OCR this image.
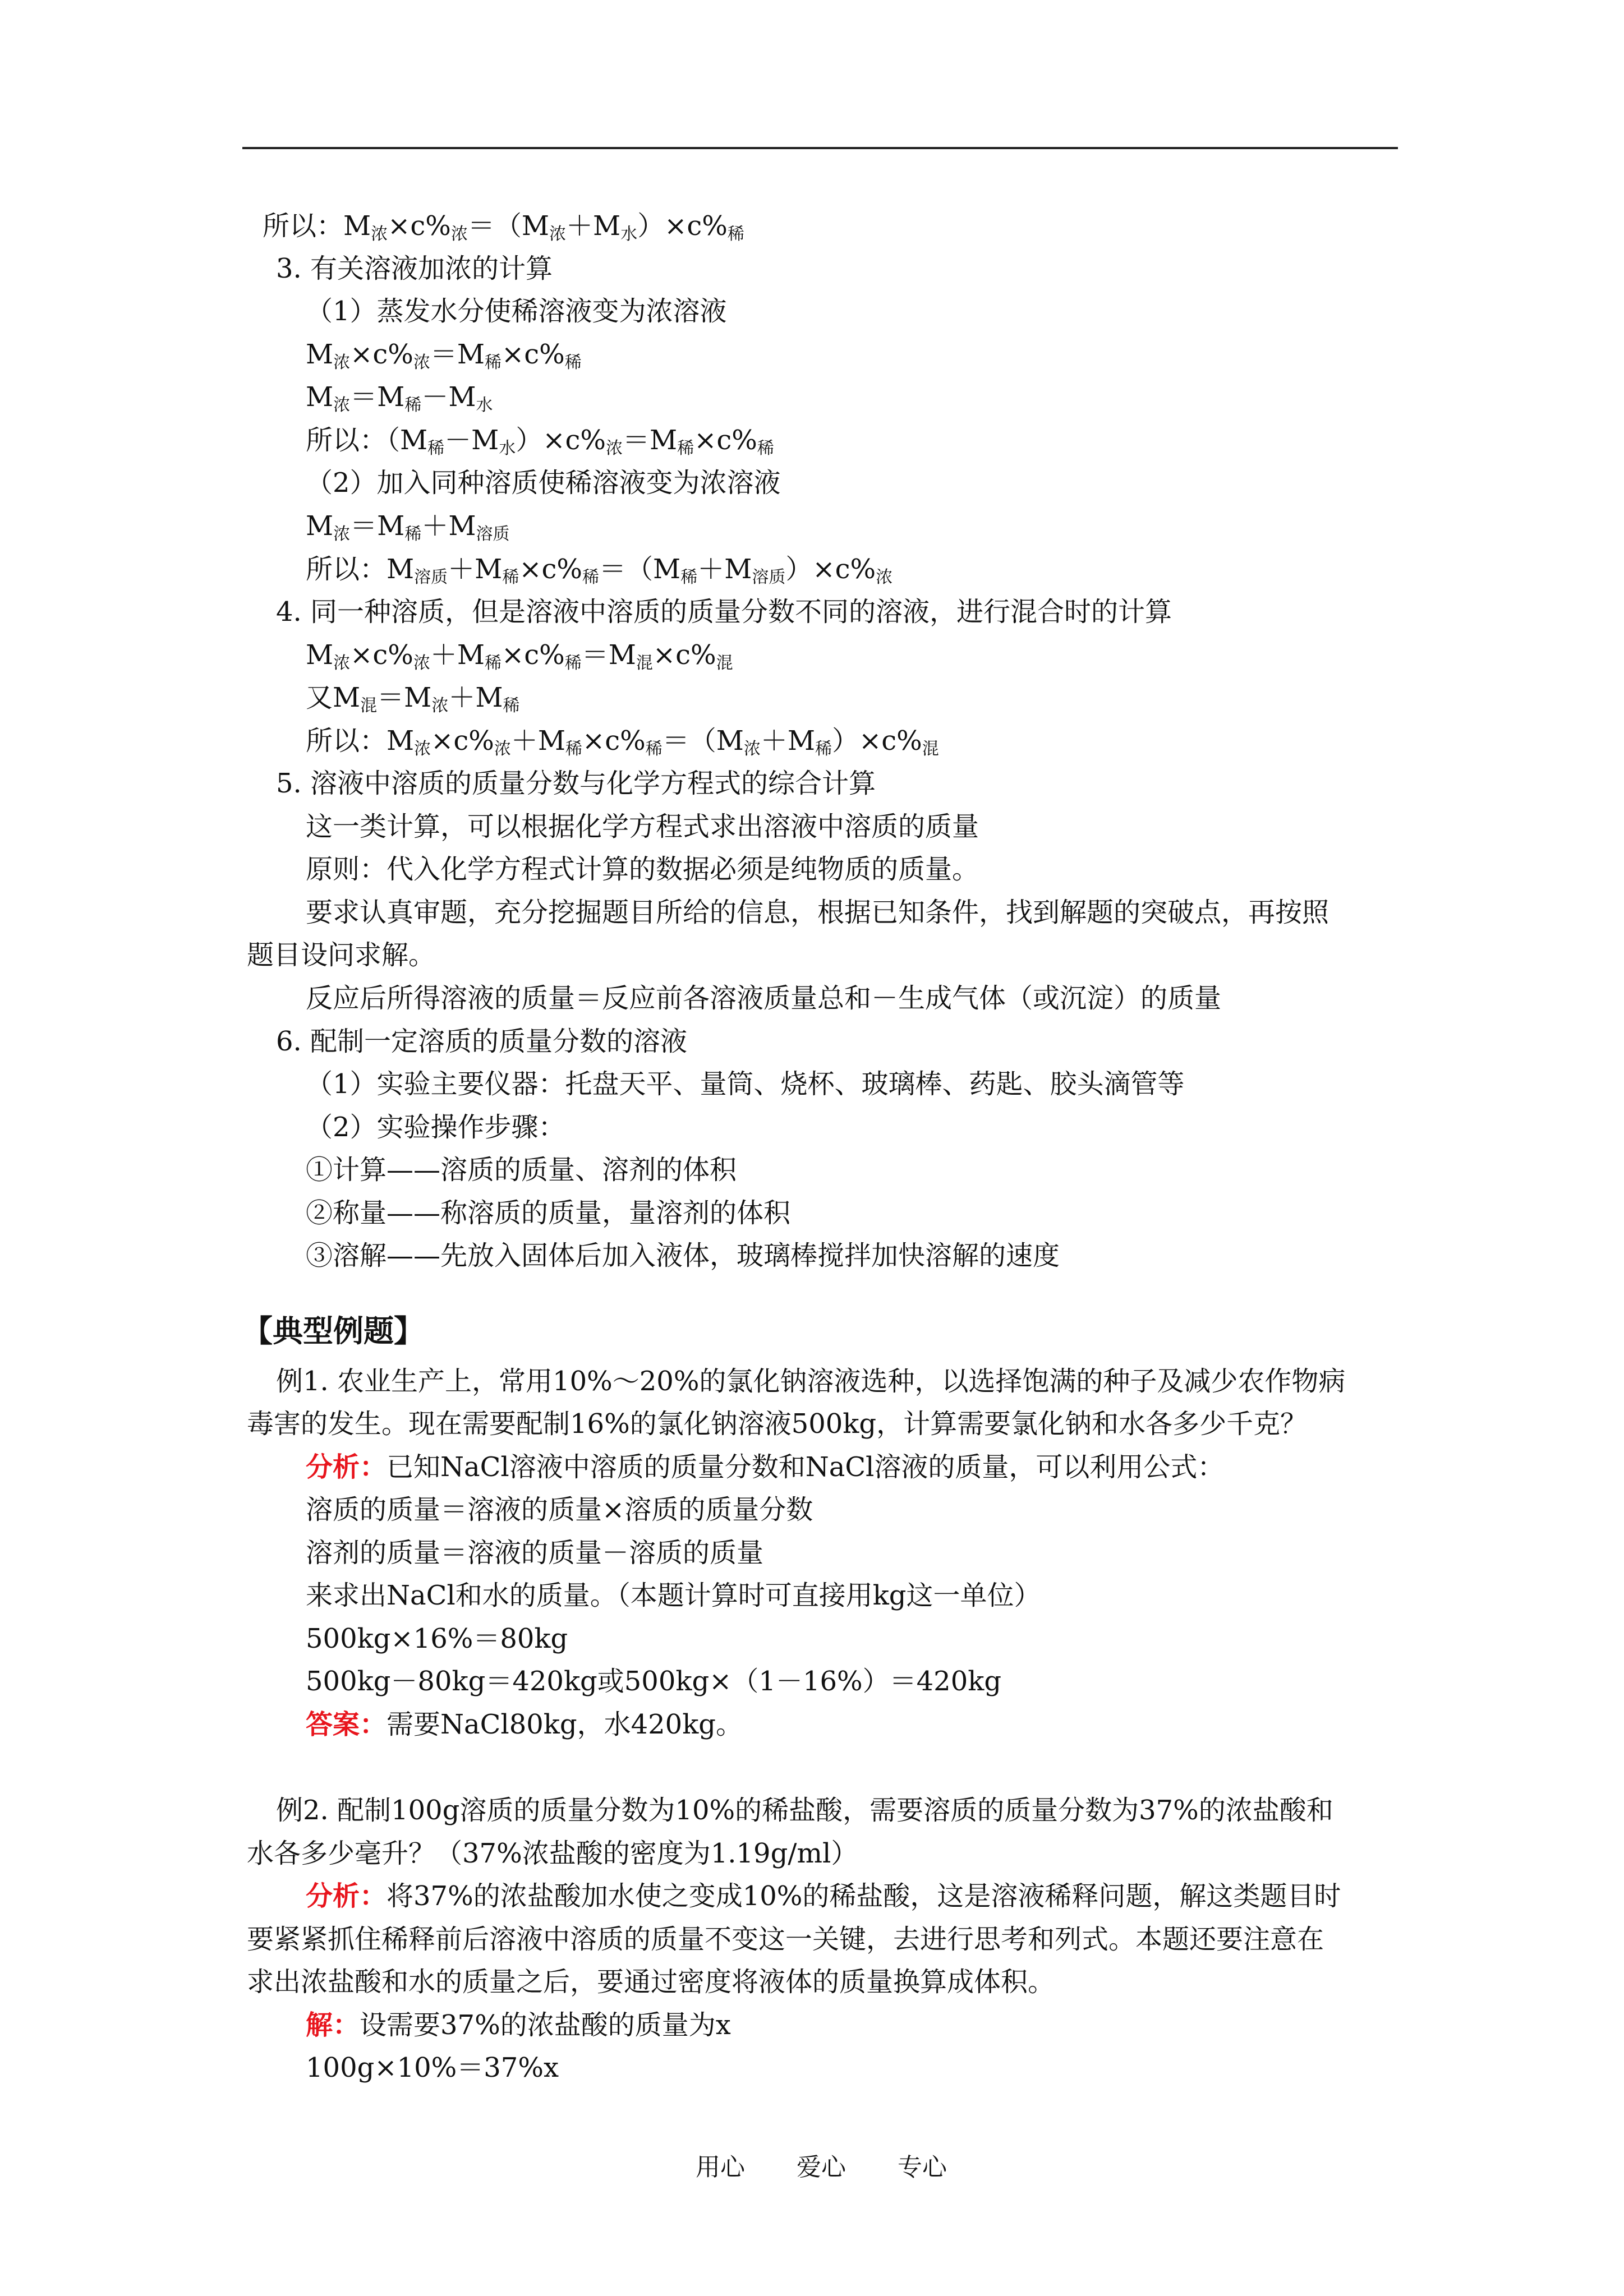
所以：$M_浓\times c\%_浓=(M_浓+M_水)\times c\%_稀$
3. 有关溶液加浓的计算
（1）蒸发水分使稀溶液变为浓溶液
$M_浓\times c\%_浓=M_稀\times c\%_稀$
$M_浓=M_稀-M_水$
所以：$(M_稀-M_水)\times c\%_浓=M_稀\times c\%_稀$
（2）加入同种溶质使稀溶液变为浓溶液
$M_浓=M_稀+M_{溶质}$
所以：$M_{溶质}+M_稀\times c\%_稀=(M_稀+M_{溶质})\times c\%_浓$
4. 同一种溶质，但是溶液中溶质的质量分数不同的溶液，进行混合时的计算
$M_浓\times c\%_浓+M_稀\times c\%_稀=M_混\times c\%_混$
又$M_混=M_浓+M_稀$
所以：$M_浓\times c\%_浓+M_稀\times c\%_稀=(M_浓+M_稀)\times c\%_混$
5. 溶液中溶质的质量分数与化学方程式的综合计算
这一类计算，可以根据化学方程式求出溶液中溶质的质量
原则：代入化学方程式计算的数据必须是纯物质的质量。
要求认真审题，充分挖掘题目所给的信息，根据已知条件，找到解题的突破点，再按照
题目设问求解。
反应后所得溶液的质量＝反应前各溶液质量总和－生成气体（或沉淀）的质量
6. 配制一定溶质的质量分数的溶液
（1）实验主要仪器：托盘天平、量筒、烧杯、玻璃棒、药匙、胶头滴管等
（2）实验操作步骤：
①计算——溶质的质量、溶剂的体积
②称量——称溶质的质量，量溶剂的体积
③溶解——先放入固体后加入液体，玻璃棒搅拌加快溶解的速度
【典型例题】
例1. 农业生产上，常用10%～20%的氯化钠溶液选种，以选择饱满的种子及减少农作物病
毒害的发生。现在需要配制16%的氯化钠溶液500kg，计算需要氯化钠和水各多少千克？
分析：已知NaCl溶液中溶质的质量分数和NaCl溶液的质量，可以利用公式：
溶质的质量＝溶液的质量×溶质的质量分数
溶剂的质量＝溶液的质量－溶质的质量
来求出NaCl和水的质量。（本题计算时可直接用kg这一单位）
500kg×16%＝80kg
500kg－80kg＝420kg或500kg×（1－16%）＝420kg
答案：需要NaCl80kg，水420kg。
例2. 配制100g溶质的质量分数为10%的稀盐酸，需要溶质的质量分数为37%的浓盐酸和
水各多少毫升？（37%浓盐酸的密度为1.19g/ml）
分析：将37%的浓盐酸加水使之变成10%的稀盐酸，这是溶液稀释问题，解这类题目时
要紧紧抓住稀释前后溶液中溶质的质量不变这一关键，去进行思考和列式。本题还要注意在
求出浓盐酸和水的质量之后，要通过密度将液体的质量换算成体积。
解：设需要37%的浓盐酸的质量为x
100g×10%＝37%x
用心 爱心 专心
